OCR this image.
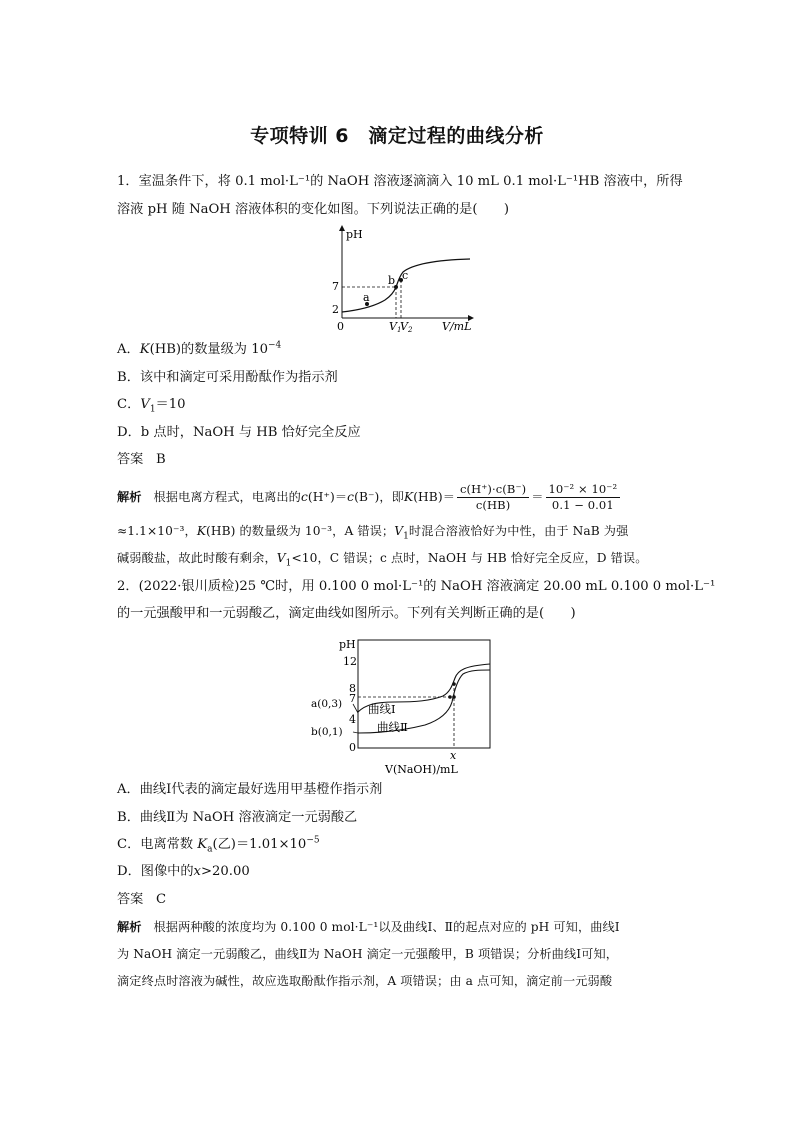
专项特训 6　滴定过程的曲线分析
1．室温条件下，将 0.1 mol·L⁻¹的 NaOH 溶液逐滴滴入 10 mL 0.1 mol·L⁻¹HB 溶液中，所得
溶液 pH 随 NaOH 溶液体积的变化如图。下列说法正确的是(　　)
pH
7
2
0
a
b c
V1
V2	V/mL
A．K(HB)的数量级为 $10^{-4}$
B．该中和滴定可采用酚酞作为指示剂
C．$V_1=10$
D．b 点时，NaOH 与 HB 恰好完全反应
答案 B
解析 根据电离方程式，电离出的c(H⁺)＝c(B⁻)，即$K(HB)= \frac{c(H^+)\cdot c(B^-)}{c(HB)} = \frac{\text{10⁻² × 10⁻²}}{0.1 - 0.01}$
≈1.1×10⁻³，K(HB) 的数量级为 10⁻³，A 错误；$V_1$时混合溶液恰好为中性，由于 NaB 为强
碱弱酸盐，故此时酸有剩余，$V_1<10$，C 错误；c 点时，NaOH 与 HB 恰好完全反应，D 错误。
2．(2022·银川质检)25 ℃时，用 0.100 0 mol·L⁻¹的 NaOH 溶液滴定 20.00 mL 0.100 0 mol·L⁻¹
的一元强酸甲和一元弱酸乙，滴定曲线如图所示。下列有关判断正确的是(　　)
pH
12
8
7
4
0
a(0,3)
b(0,1)
曲线Ⅰ
曲线Ⅱ
x
V(NaOH)/mL
A．曲线Ⅰ代表的滴定最好选用甲基橙作指示剂
B．曲线Ⅱ为 NaOH 溶液滴定一元弱酸乙
C．电离常数 $K_a$(乙)$=1.01\times 10^{-5}$
D．图像中的x>20.00
答案 C
解析 根据两种酸的浓度均为 0.100 0 mol·L⁻¹以及曲线Ⅰ、Ⅱ的起点对应的 pH 可知，曲线Ⅰ
为 NaOH 滴定一元弱酸乙，曲线Ⅱ为 NaOH 滴定一元强酸甲，B 项错误；分析曲线Ⅰ可知，
滴定终点时溶液为碱性，故应选取酚酞作指示剂，A 项错误；由 a 点可知，滴定前一元弱酸
